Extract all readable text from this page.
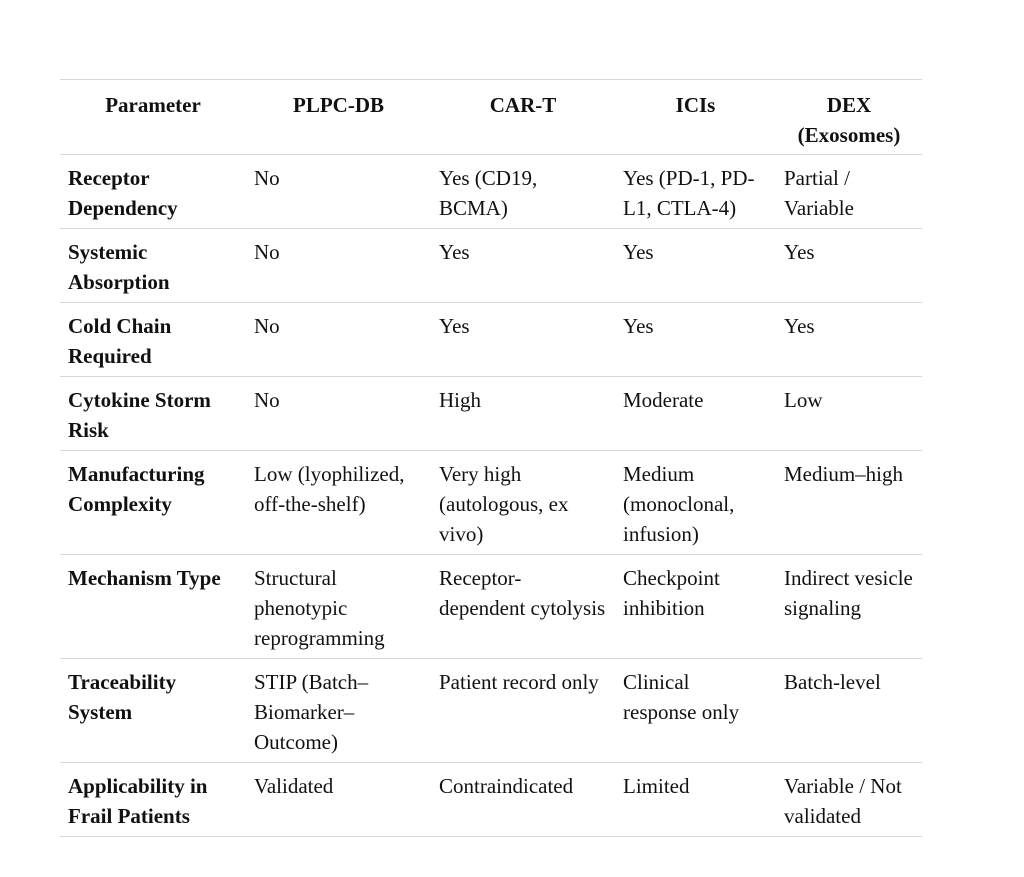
Parameter	PLPC-DB	CAR-T	ICIs	DEX (Exosomes)
Receptor Dependency	No	Yes (CD19, BCMA)	Yes (PD-1, PD-L1, CTLA-4)	Partial / Variable
Systemic Absorption	No	Yes	Yes	Yes
Cold Chain Required	No	Yes	Yes	Yes
Cytokine Storm Risk	No	High	Moderate	Low
Manufacturing Complexity	Low (lyophilized, off-the-shelf)	Very high (autologous, ex vivo)	Medium (monoclonal, infusion)	Medium–high
Mechanism Type	Structural phenotypic reprogramming	Receptor-dependent cytolysis	Checkpoint inhibition	Indirect vesicle signaling
Traceability System	STIP (Batch–Biomarker–Outcome)	Patient record only	Clinical response only	Batch-level
Applicability in Frail Patients	Validated	Contraindicated	Limited	Variable / Not validated
